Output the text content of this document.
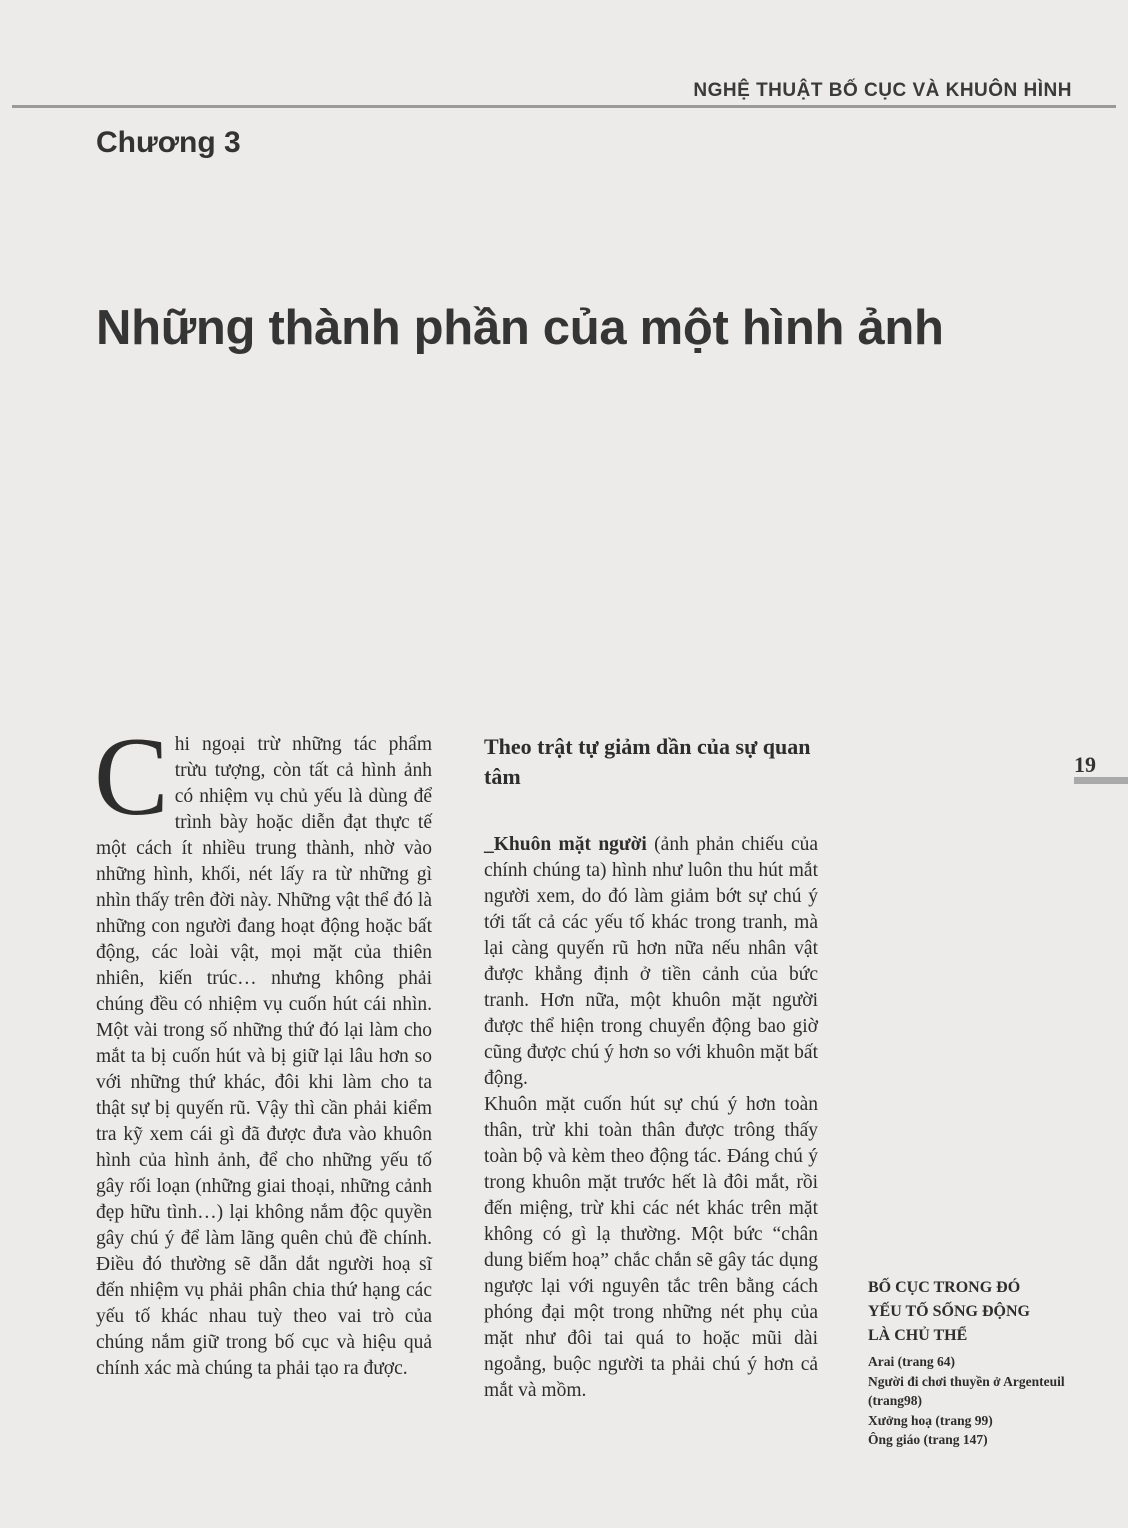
NGHỆ THUẬT BỐ CỤC VÀ KHUÔN HÌNH
Chương 3
Những thành phần của một hình ảnh
C hi ngoại trừ những tác phẩm trừu tượng, còn tất cả hình ảnh có nhiệm vụ chủ yếu là dùng để trình bày hoặc diễn đạt thực tế một cách ít nhiều trung thành, nhờ vào những hình, khối, nét lấy ra từ những gì nhìn thấy trên đời này. Những vật thể đó là những con người đang hoạt động hoặc bất động, các loài vật, mọi mặt của thiên nhiên, kiến trúc… nhưng không phải chúng đều có nhiệm vụ cuốn hút cái nhìn. Một vài trong số những thứ đó lại làm cho mắt ta bị cuốn hút và bị giữ lại lâu hơn so với những thứ khác, đôi khi làm cho ta thật sự bị quyến rũ. Vậy thì cần phải kiểm tra kỹ xem cái gì đã được đưa vào khuôn hình của hình ảnh, để cho những yếu tố gây rối loạn (những giai thoại, những cảnh đẹp hữu tình…) lại không nắm độc quyền gây chú ý để làm lãng quên chủ đề chính. Điều đó thường sẽ dẫn dắt người hoạ sĩ đến nhiệm vụ phải phân chia thứ hạng các yếu tố khác nhau tuỳ theo vai trò của chúng nắm giữ trong bố cục và hiệu quả chính xác mà chúng ta phải tạo ra được.
Theo trật tự giảm dần của sự quan tâm

_Khuôn mặt người (ảnh phản chiếu của chính chúng ta) hình như luôn thu hút mắt người xem, do đó làm giảm bớt sự chú ý tới tất cả các yếu tố khác trong tranh, mà lại càng quyến rũ hơn nữa nếu nhân vật được khẳng định ở tiền cảnh của bức tranh. Hơn nữa, một khuôn mặt người được thể hiện trong chuyển động bao giờ cũng được chú ý hơn so với khuôn mặt bất động.

Khuôn mặt cuốn hút sự chú ý hơn toàn thân, trừ khi toàn thân được trông thấy toàn bộ và kèm theo động tác. Đáng chú ý trong khuôn mặt trước hết là đôi mắt, rồi đến miệng, trừ khi các nét khác trên mặt không có gì lạ thường. Một bức “chân dung biếm hoạ” chắc chắn sẽ gây tác dụng ngược lại với nguyên tắc trên bằng cách phóng đại một trong những nét phụ của mặt như đôi tai quá to hoặc mũi dài ngoẳng, buộc người ta phải chú ý hơn cả mắt và mồm.

19
BỐ CỤC TRONG ĐÓ
YẾU TỐ SỐNG ĐỘNG
LÀ CHỦ THỂ
Arai (trang 64)
Người đi chơi thuyền ở Argenteuil (trang98)
Xưởng hoạ (trang 99)
Ông giáo (trang 147)
